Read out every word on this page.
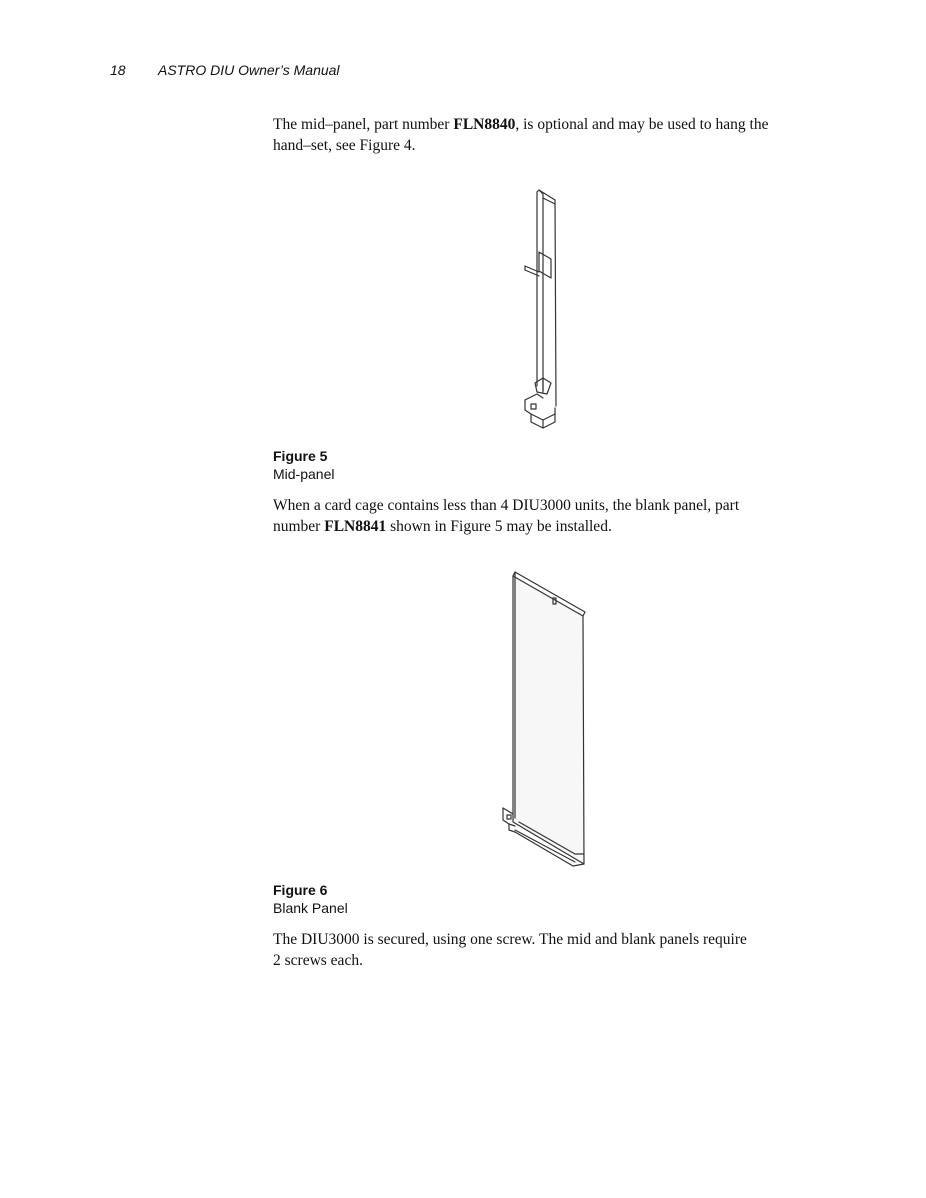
18 ASTRO DIU Owner’s Manual
The mid–panel, part number FLN8840, is optional and may be used to hang the
hand–set, see Figure 4.
Figure 5
Mid-panel
When a card cage contains less than 4 DIU3000 units, the blank panel, part
number FLN8841 shown in Figure 5 may be installed.
Figure 6
Blank Panel
The DIU3000 is secured, using one screw. The mid and blank panels require
2 screws each.
